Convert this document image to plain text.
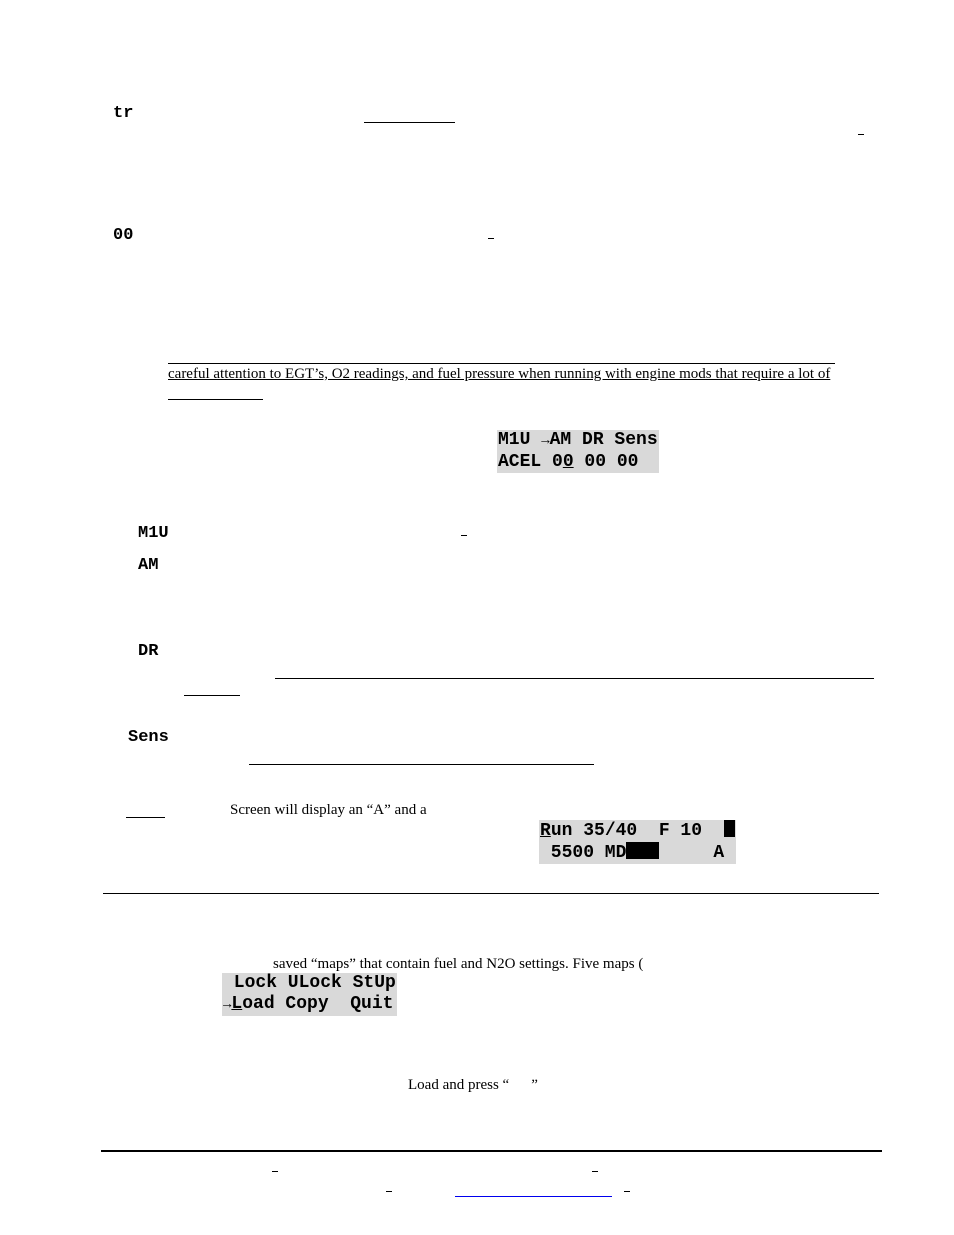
tr
00
careful attention to EGT’s, O2 readings, and fuel pressure when running with engine mods that require a lot of
M1U →AM DR Sens
ACEL 00 00 00
M1U
AM
DR
Sens
Screen will display an “A” and a
Run 35/40  F 10
5500 MD     A
saved “maps” that contain fuel and N2O settings. Five maps (
Lock ULock StUp
→Load Copy  Quit
Load and press “ ”
